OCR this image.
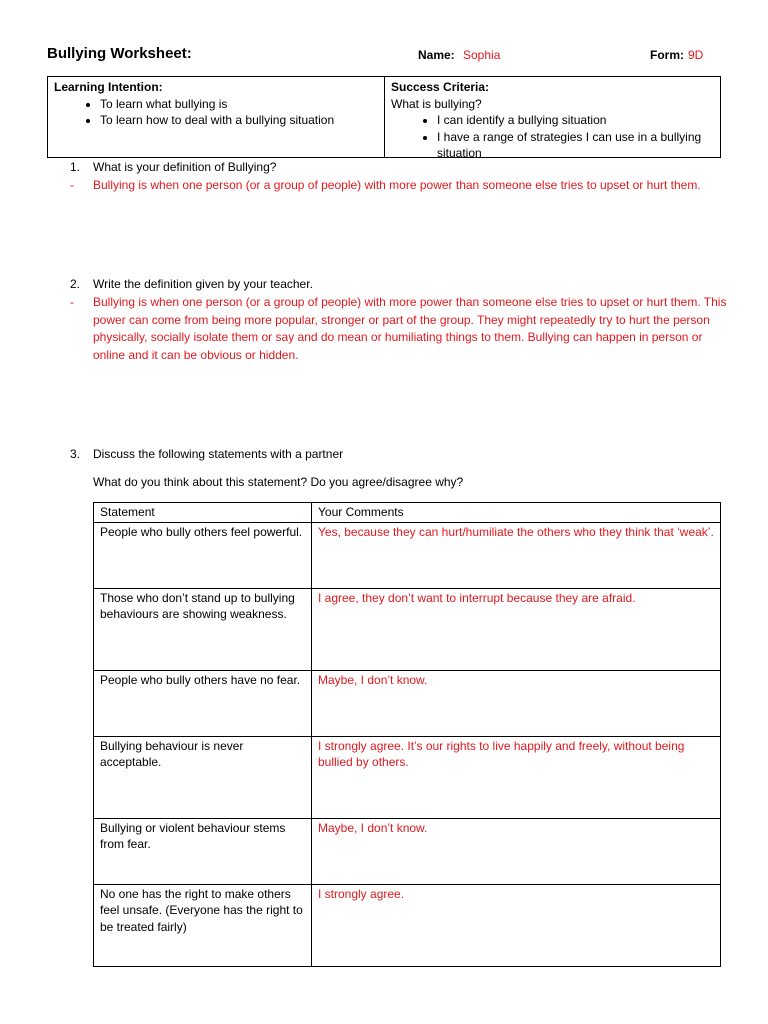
Bullying Worksheet:	Name: Sophia	Form: 9D
Learning Intention:
• To learn what bullying is
• To learn how to deal with a bullying situation
Success Criteria:
What is bullying?
• I can identify a bullying situation
• I have a range of strategies I can use in a bullying situation
1. What is your definition of Bullying?
- Bullying is when one person (or a group of people) with more power than someone else tries to upset or hurt them.
2. Write the definition given by your teacher.
- Bullying is when one person (or a group of people) with more power than someone else tries to upset or hurt them. This power can come from being more popular, stronger or part of the group. They might repeatedly try to hurt the person physically, socially isolate them or say and do mean or humiliating things to them. Bullying can happen in person or online and it can be obvious or hidden.
3. Discuss the following statements with a partner
What do you think about this statement? Do you agree/disagree why?
Statement	Your Comments
People who bully others feel powerful.	Yes, because they can hurt/humiliate the others who they think that ‘weak’.
Those who don’t stand up to bullying behaviours are showing weakness.	I agree, they don’t want to interrupt because they are afraid.
People who bully others have no fear.	Maybe, I don’t know.
Bullying behaviour is never acceptable.	I strongly agree. It’s our rights to live happily and freely, without being bullied by others.
Bullying or violent behaviour stems from fear.	Maybe, I don’t know.
No one has the right to make others feel unsafe. (Everyone has the right to be treated fairly)	I strongly agree.
